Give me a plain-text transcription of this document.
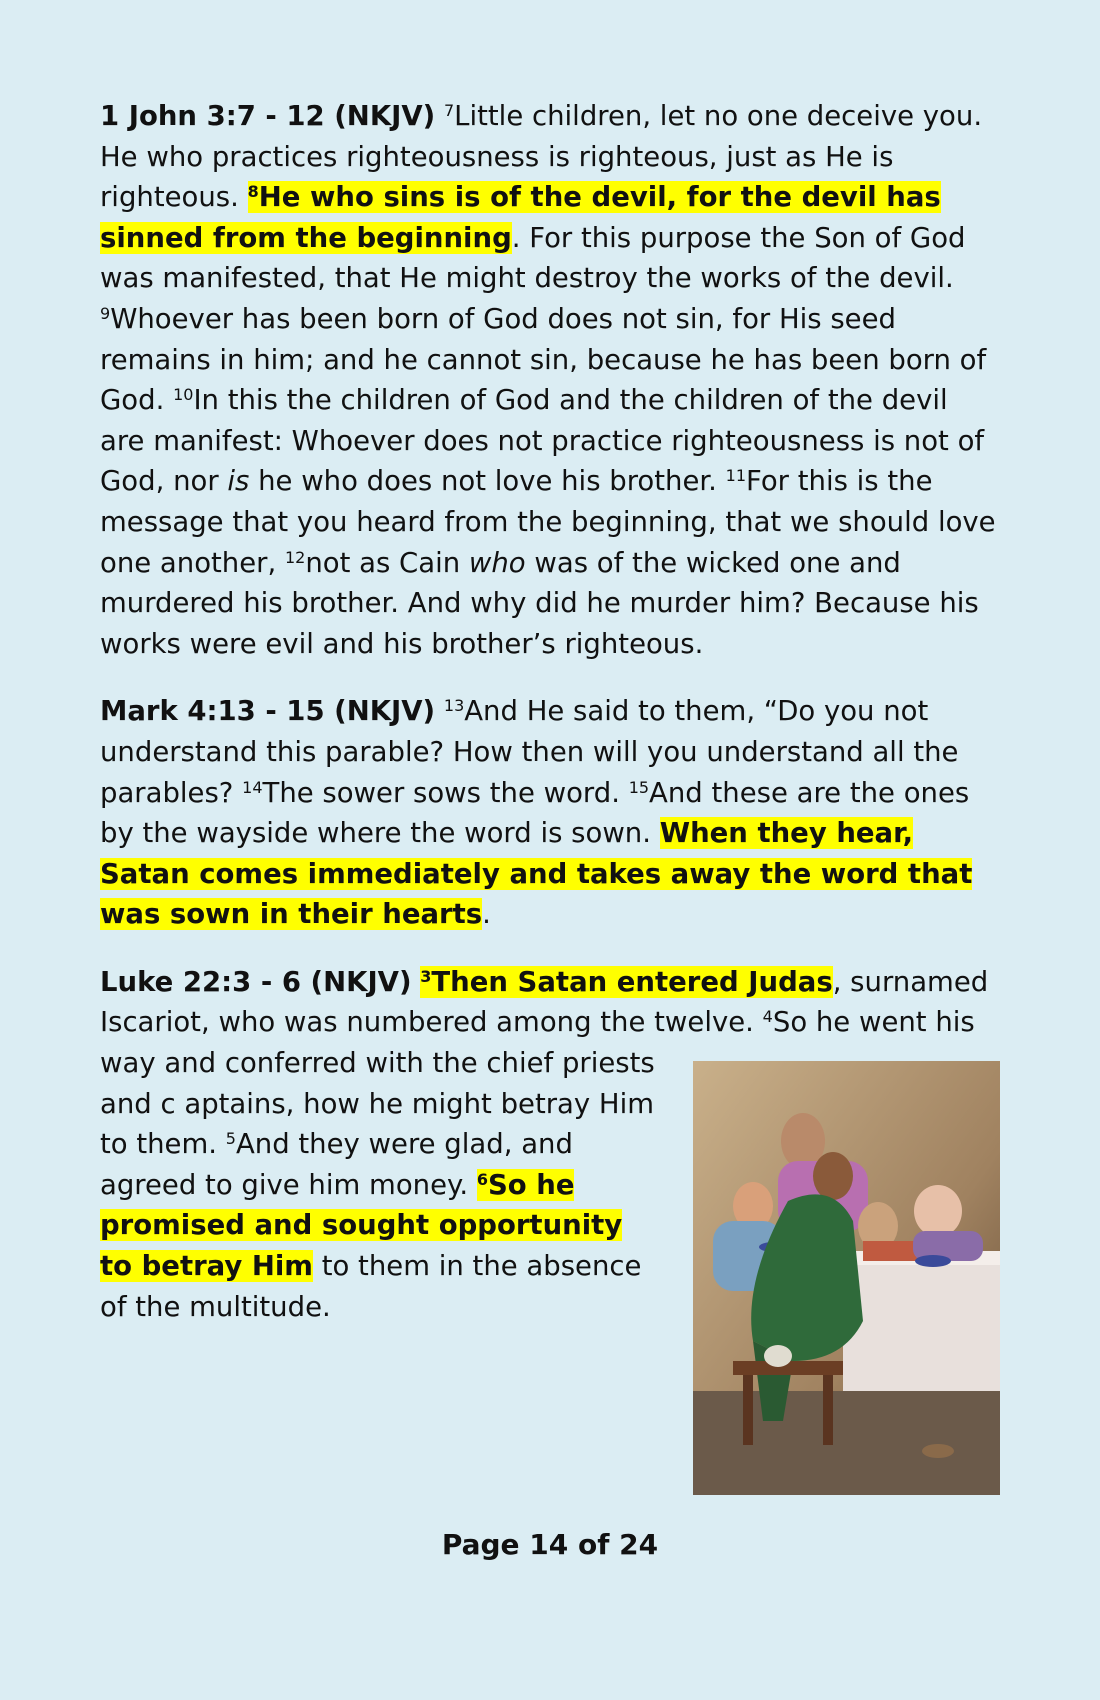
1 John 3:7 - 12 (NKJV) $^7$Little children, let no one deceive you. He who practices righteousness is righteous, just as He is righteous. $^8$He who sins is of the devil, for the devil has sinned from the beginning. For this purpose the Son of God was manifested, that He might destroy the works of the devil. $^9$Whoever has been born of God does not sin, for His seed remains in him; and he cannot sin, because he has been born of God. $^{10}$In this the children of God and the children of the devil are manifest: Whoever does not practice righteousness is not of God, nor is he who does not love his brother. $^{11}$For this is the message that you heard from the beginning, that we should love one another, $^{12}$not as Cain who was of the wicked one and murdered his brother. And why did he murder him? Because his works were evil and his brother’s righteous.

Mark 4:13 - 15 (NKJV) $^{13}$And He said to them, “Do you not understand this parable? How then will you understand all the parables? $^{14}$The sower sows the word. $^{15}$And these are the ones by the wayside where the word is sown. When they hear, Satan comes immediately and takes away the word that was sown in their hearts.

Luke 22:3 - 6 (NKJV) $^3$Then Satan entered Judas, surnamed Iscariot, who was numbered among the twelve.
$^4$So he went his way and conferred with the chief priests and c aptains, how he might betray Him to them. $^5$And they were glad, and agreed to give him money. $^6$So he promised and sought opportunity to betray Him to them in the absence of the multitude.
Page 14 of 24
